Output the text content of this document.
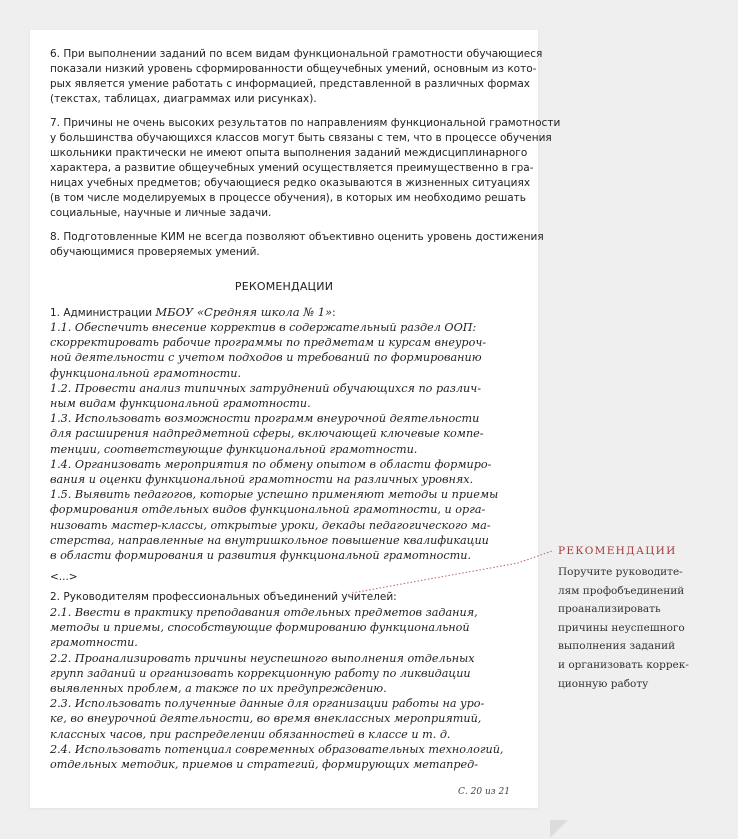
6. При выполнении заданий по всем видам функциональной грамотности обучающиеся
показали низкий уровень сформированности общеучебных умений, основным из кото-
рых является умение работать с информацией, представленной в различных формах
(текстах, таблицах, диаграммах или рисунках).
7. Причины не очень высоких результатов по направлениям функциональной грамотности
у большинства обучающихся классов могут быть связаны с тем, что в процессе обучения
школьники практически не имеют опыта выполнения заданий междисциплинарного
характера, а развитие общеучебных умений осуществляется преимущественно в гра-
ницах учебных предметов; обучающиеся редко оказываются в жизненных ситуациях
(в том числе моделируемых в процессе обучения), в которых им необходимо решать
социальные, научные и личные задачи.
8. Подготовленные КИМ не всегда позволяют объективно оценить уровень достижения
обучающимися проверяемых умений.
РЕКОМЕНДАЦИИ
1. Администрации МБОУ «Средняя школа № 1»:
1.1. Обеспечить внесение корректив в содержательный раздел ООП:
скорректировать рабочие программы по предметам и курсам внеуроч-
ной деятельности с учетом подходов и требований по формированию
функциональной грамотности.
1.2. Провести анализ типичных затруднений обучающихся по различ-
ным видам функциональной грамотности.
1.3. Использовать возможности программ внеурочной деятельности
для расширения надпредметной сферы, включающей ключевые компе-
тенции, соответствующие функциональной грамотности.
1.4. Организовать мероприятия по обмену опытом в области формиро-
вания и оценки функциональной грамотности на различных уровнях.
1.5. Выявить педагогов, которые успешно применяют методы и приемы
формирования отдельных видов функциональной грамотности, и орга-
низовать мастер-классы, открытые уроки, декады педагогического ма-
стерства, направленные на внутришкольное повышение квалификации
в области формирования и развития функциональной грамотности.
<...>
2. Руководителям профессиональных объединений учителей:
2.1. Ввести в практику преподавания отдельных предметов задания,
методы и приемы, способствующие формированию функциональной
грамотности.
2.2. Проанализировать причины неуспешного выполнения отдельных
групп заданий и организовать коррекционную работу по ликвидации
выявленных проблем, а также по их предупреждению.
2.3. Использовать полученные данные для организации работы на уро-
ке, во внеурочной деятельности, во время внеклассных мероприятий,
классных часов, при распределении обязанностей в классе и т. д.
2.4. Использовать потенциал современных образовательных технологий,
отдельных методик, приемов и стратегий, формирующих метапред-
С. 20 из 21
РЕКОМЕНДАЦИИ
Поручите руководите-
лям профобъединений
проанализировать
причины неуспешного
выполнения заданий
и организовать коррек-
ционную работу
